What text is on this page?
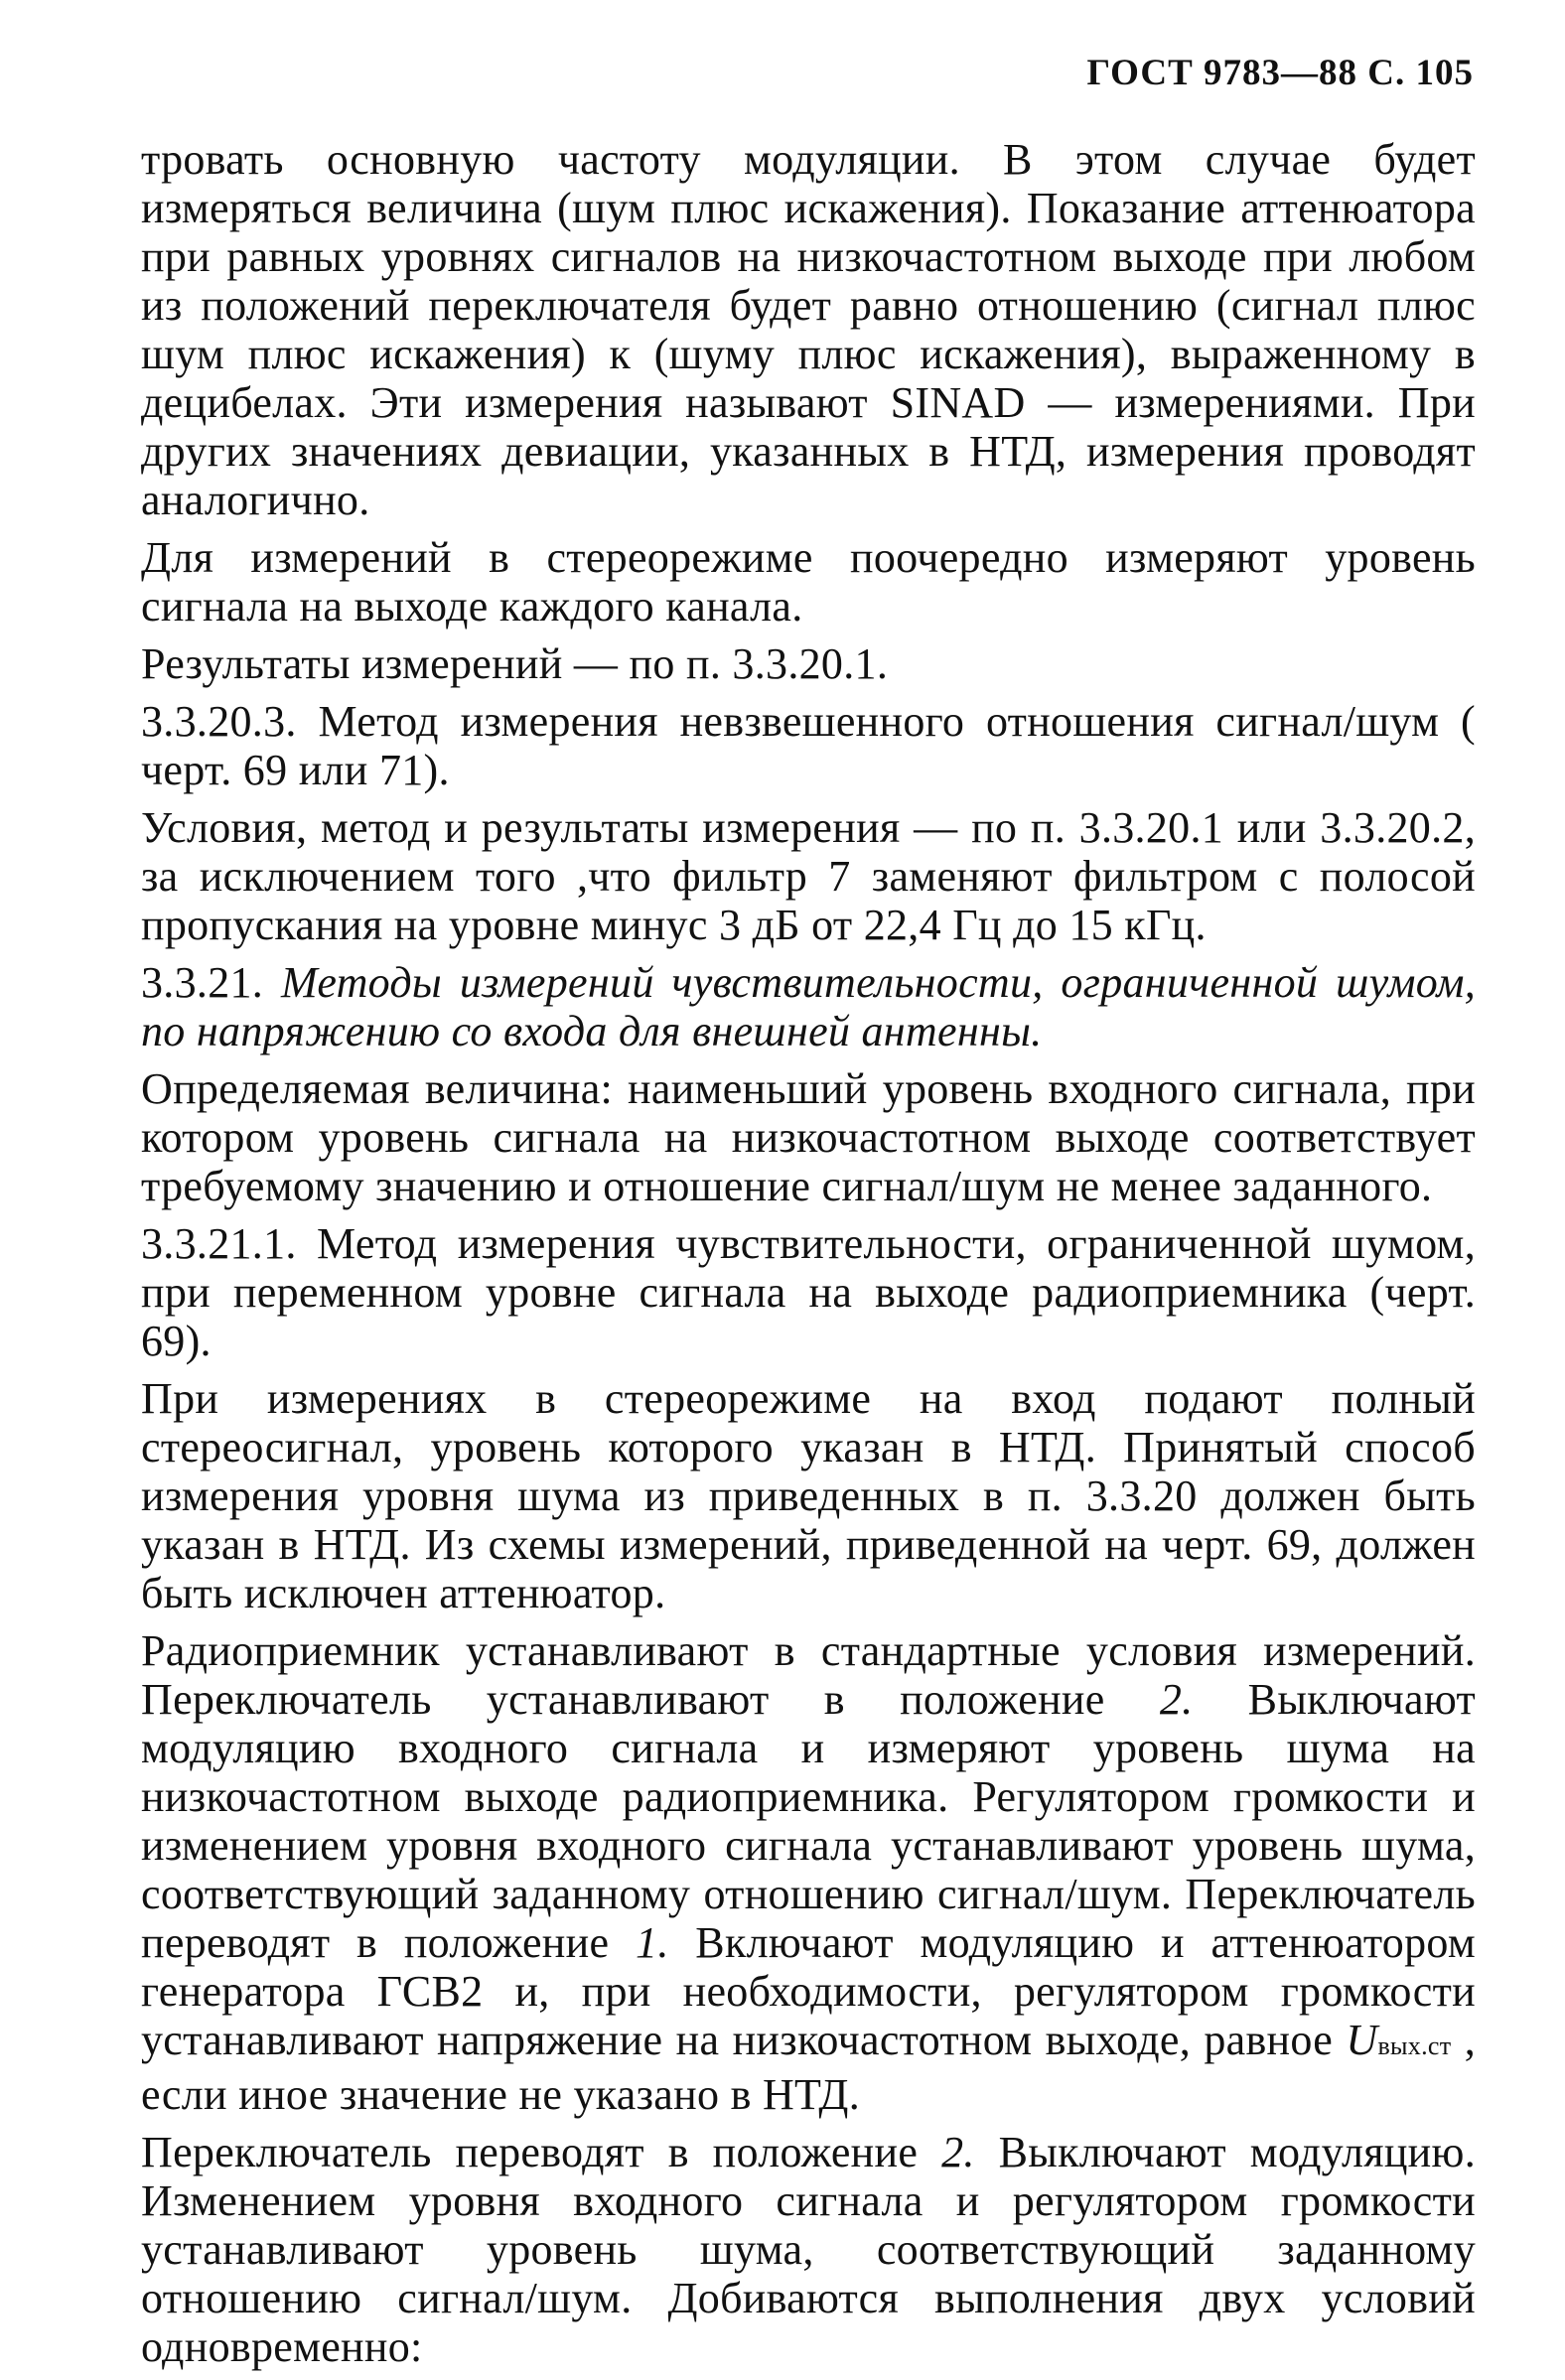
ГОСТ 9783—88 С. 105

тровать основную частоту модуляции. В этом случае будет измеряться величина (шум плюс искажения). Показание аттенюатора при равных уровнях сигналов на низкочастотном выходе при любом из положений переключателя будет равно отношению (сигнал плюс шум плюс искажения) к (шуму плюс искажения), выраженному в децибелах. Эти измерения называют SINAD — измерениями. При других значениях девиации, указанных в НТД, измерения проводят аналогично.

Для измерений в стереорежиме поочередно измеряют уровень сигнала на выходе каждого канала.

Результаты измерений — по п. 3.3.20.1.

3.3.20.3. Метод измерения невзвешенного отношения сигнал/шум ( черт. 69 или 71).

Условия, метод и результаты измерения — по п. 3.3.20.1 или 3.3.20.2, за исключением того ,что фильтр 7 заменяют фильтром с полосой пропускания на уровне минус 3 дБ от 22,4 Гц до 15 кГц.

3.3.21. Методы измерений чувствительности, ограниченной шумом, по напряжению со входа для внешней антенны.

Определяемая величина: наименьший уровень входного сигнала, при котором уровень сигнала на низкочастотном выходе соответствует требуемому значению и отношение сигнал/шум не менее заданного.

3.3.21.1. Метод измерения чувствительности, ограниченной шумом, при переменном уровне сигнала на выходе радиоприемника (черт. 69).

При измерениях в стереорежиме на вход подают полный стереосигнал, уровень которого указан в НТД. Принятый способ измерения уровня шума из приведенных в п. 3.3.20 должен быть указан в НТД. Из схемы измерений, приведенной на черт. 69, должен быть исключен аттенюатор.

Радиоприемник устанавливают в стандартные условия измерений. Переключатель устанавливают в положение 2. Выключают модуляцию входного сигнала и измеряют уровень шума на низкочастотном выходе радиоприемника. Регулятором громкости и изменением уровня входного сигнала устанавливают уровень шума, соответствующий заданному отношению сигнал/шум. Переключатель переводят в положение 1. Включают модуляцию и аттенюатором генератора ГСВ2 и, при необходимости, регулятором громкости устанавливают напряжение на низкочастотном выходе, равное Uвых.ст , если иное значение не указано в НТД.

Переключатель переводят в положение 2. Выключают модуляцию. Изменением уровня входного сигнала и регулятором громкости устанавливают уровень шума, соответствующий заданному отношению сигнал/шум. Добиваются выполнения двух условий одновременно:
